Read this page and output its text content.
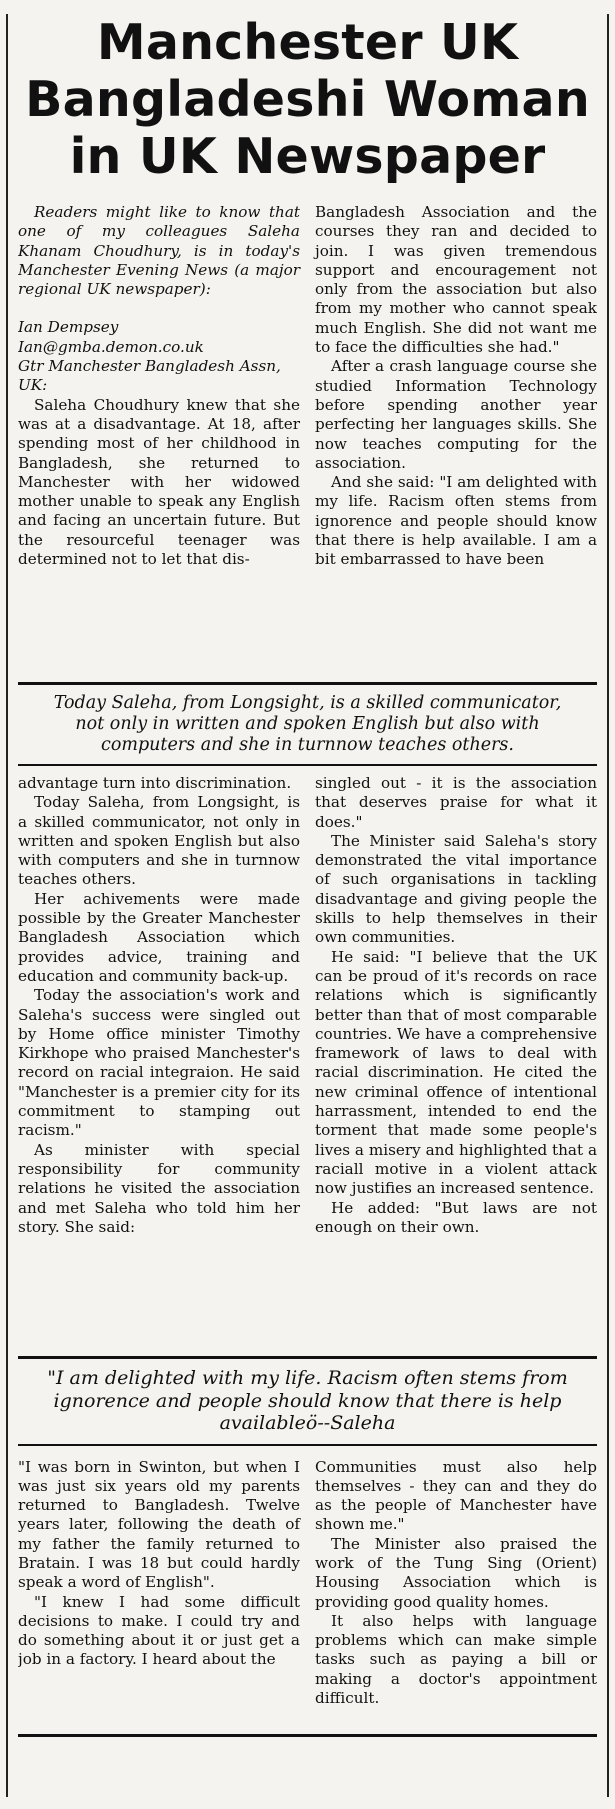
Manchester UK
Bangladeshi Woman
in UK Newspaper

Readers might like to know that one of my colleagues Saleha Khanam Choudhury, is in today's Manchester Evening News (a major regional UK newspaper):

Ian Dempsey
Ian@gmba.demon.co.uk
Gtr Manchester Bangladesh Assn, UK:

Saleha Choudhury knew that she was at a disadvantage. At 18, after spending most of her childhood in Bangladesh, she returned to Manchester with her widowed mother unable to speak any English and facing an uncertain future. But the resourceful teenager was determined not to let that dis-

Bangladesh Association and the courses they ran and decided to join. I was given tremendous support and encouragement not only from the association but also from my mother who cannot speak much English. She did not want me to face the difficulties she had."

After a crash language course she studied Information Technology before spending another year perfecting her languages skills. She now teaches computing for the association.

And she said: "I am delighted with my life. Racism often stems from ignorence and people should know that there is help available. I am a bit embarrassed to have been

Today Saleha, from Longsight, is a skilled communicator, not only in written and spoken English but also with computers and she in turnnow teaches others.

advantage turn into discrimination.

Today Saleha, from Longsight, is a skilled communicator, not only in written and spoken English but also with computers and she in turnnow teaches others.

Her achivements were made possible by the Greater Manchester Bangladesh Association which provides advice, training and education and community back-up.

Today the association's work and Saleha's success were singled out by Home office minister Timothy Kirkhope who praised Manchester's record on racial integraion. He said "Manchester is a premier city for its commitment to stamping out racism."

As minister with special responsibility for community relations he visited the association and met Saleha who told him her story. She said:

singled out - it is the association that deserves praise for what it does."

The Minister said Saleha's story demonstrated the vital importance of such organisations in tackling disadvantage and giving people the skills to help themselves in their own communities.

He said: "I believe that the UK can be proud of it's records on race relations which is significantly better than that of most comparable countries. We have a comprehensive framework of laws to deal with racial discrimination. He cited the new criminal offence of intentional harrassment, intended to end the torment that made some people's lives a misery and highlighted that a raciall motive in a violent attack now justifies an increased sentence.

He added: "But laws are not enough on their own.

"I am delighted with my life. Racism often stems from ignorence and people should know that there is help availableö--Saleha

"I was born in Swinton, but when I was just six years old my parents returned to Bangladesh. Twelve years later, following the death of my father the family returned to Bratain. I was 18 but could hardly speak a word of English".

"I knew I had some difficult decisions to make. I could try and do something about it or just get a job in a factory. I heard about the

Communities must also help themselves - they can and they do as the people of Manchester have shown me."

The Minister also praised the work of the Tung Sing (Orient) Housing Association which is providing good quality homes.

It also helps with language problems which can make simple tasks such as paying a bill or making a doctor's appointment difficult.
